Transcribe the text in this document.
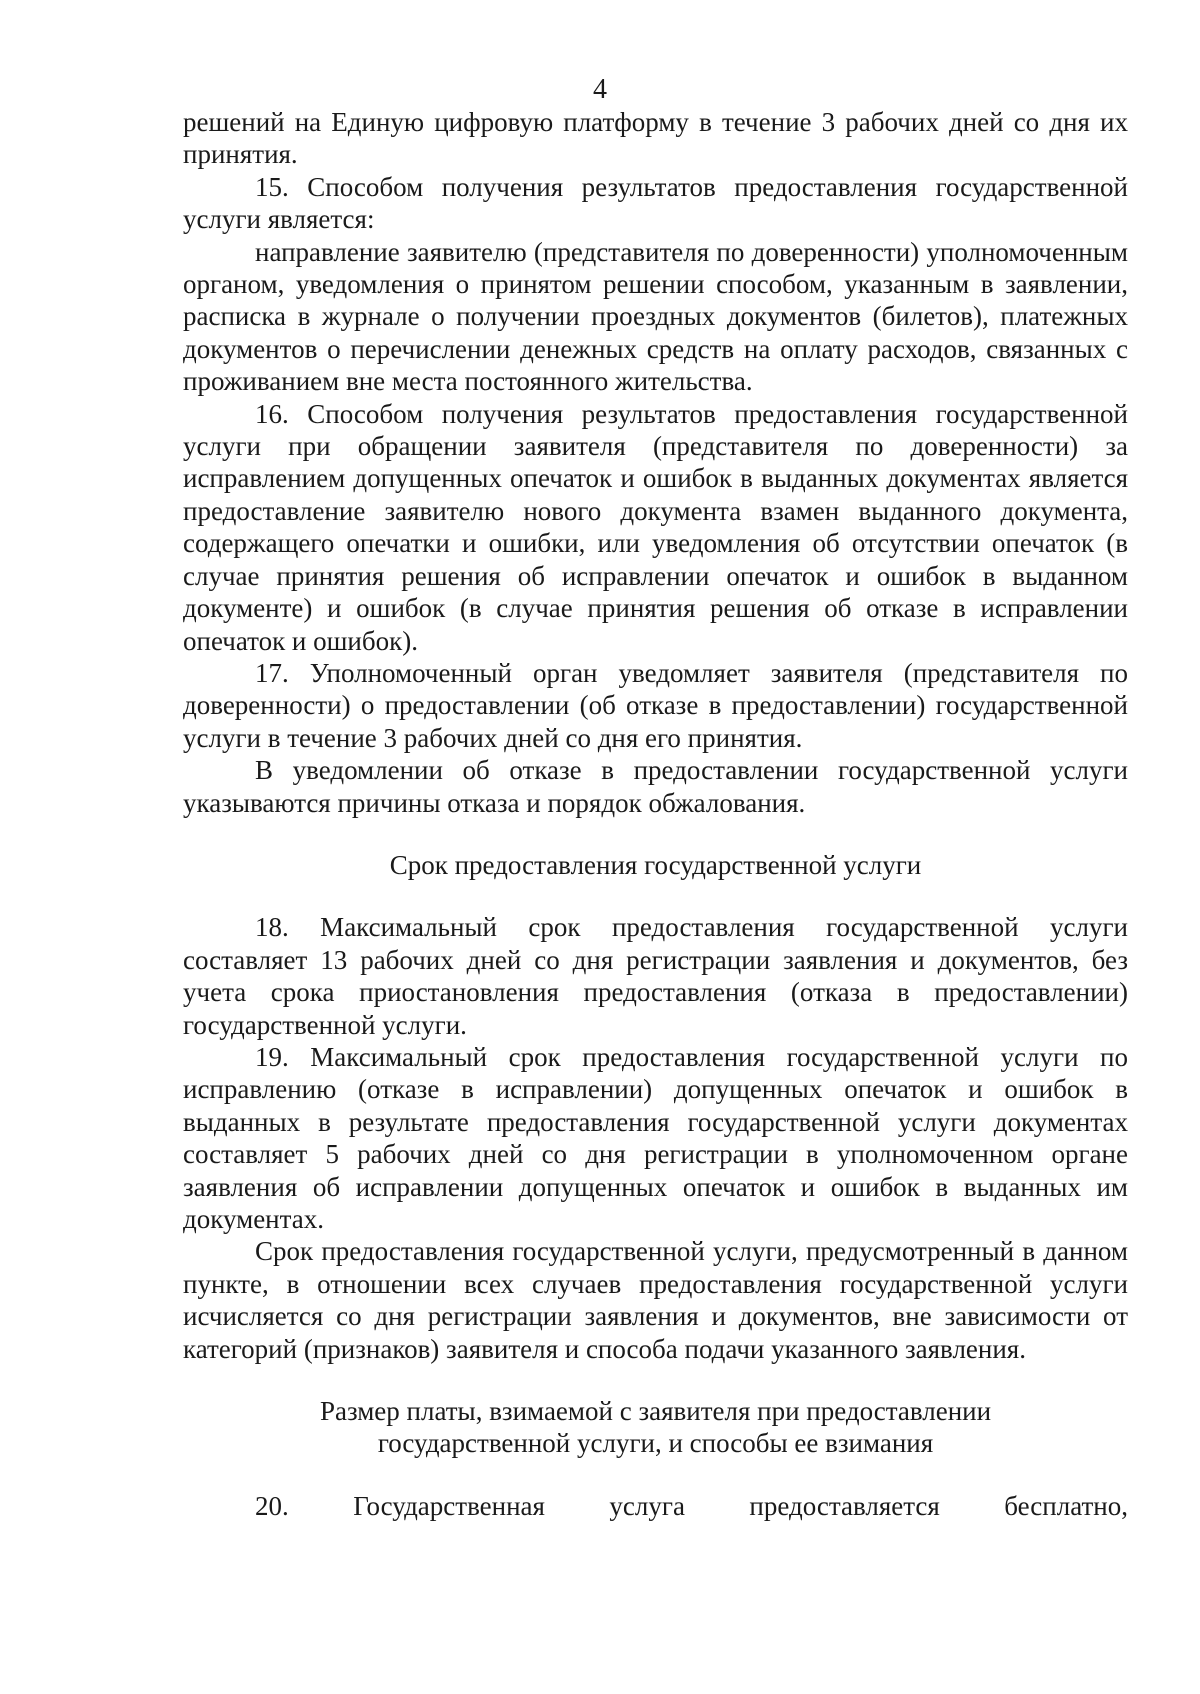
4

решений на Единую цифровую платформу в течение 3 рабочих дней со дня их принятия.

15. Способом получения результатов предоставления государственной услуги является:

направление заявителю (представителя по доверенности) уполномоченным органом, уведомления о принятом решении способом, указанным в заявлении, расписка в журнале о получении проездных документов (билетов), платежных документов о перечислении денежных средств на оплату расходов, связанных с проживанием вне места постоянного жительства.

16. Способом получения результатов предоставления государственной услуги при обращении заявителя (представителя по доверенности) за исправлением допущенных опечаток и ошибок в выданных документах является предоставление заявителю нового документа взамен выданного документа, содержащего опечатки и ошибки, или уведомления об отсутствии опечаток (в случае принятия решения об исправлении опечаток и ошибок в выданном документе) и ошибок (в случае принятия решения об отказе в исправлении опечаток и ошибок).

17. Уполномоченный орган уведомляет заявителя (представителя по доверенности) о предоставлении (об отказе в предоставлении) государственной услуги в течение 3 рабочих дней со дня его принятия.

В уведомлении об отказе в предоставлении государственной услуги указываются причины отказа и порядок обжалования.

Срок предоставления государственной услуги

18. Максимальный срок предоставления государственной услуги составляет 13 рабочих дней со дня регистрации заявления и документов, без учета срока приостановления предоставления (отказа в предоставлении) государственной услуги.

19. Максимальный срок предоставления государственной услуги по исправлению (отказе в исправлении) допущенных опечаток и ошибок в выданных в результате предоставления государственной услуги документах составляет 5 рабочих дней со дня регистрации в уполномоченном органе заявления об исправлении допущенных опечаток и ошибок в выданных им документах.

Срок предоставления государственной услуги, предусмотренный в данном пункте, в отношении всех случаев предоставления государственной услуги исчисляется со дня регистрации заявления и документов, вне зависимости от категорий (признаков) заявителя и способа подачи указанного заявления.

Размер платы, взимаемой с заявителя при предоставлении

государственной услуги, и способы ее взимания

20. Государственная услуга предоставляется бесплатно,
